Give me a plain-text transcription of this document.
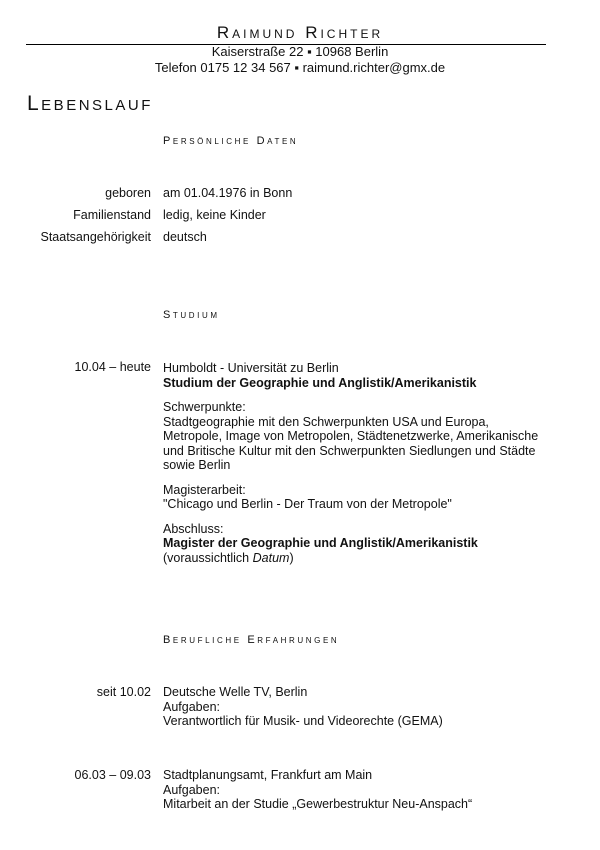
Raimund Richter
Kaiserstraße 22 ▪ 10968 Berlin
Telefon 0175 12 34 567 ▪ raimund.richter@gmx.de
Lebenslauf
Persönliche Daten
geboren am 01.04.1976 in Bonn
Familienstand ledig, keine Kinder
Staatsangehörigkeit deutsch
Studium
10.04 – heute Humboldt - Universität zu Berlin
Studium der Geographie und Anglistik/Amerikanistik
Schwerpunkte:
Stadtgeographie mit den Schwerpunkten USA und Europa, Metropole, Image von Metropolen, Städtenetzwerke, Amerikanische und Britische Kultur mit den Schwerpunkten Siedlungen und Städte sowie Berlin
Magisterarbeit:
"Chicago und Berlin - Der Traum von der Metropole"
Abschluss:
Magister der Geographie und Anglistik/Amerikanistik
(voraussichtlich Datum)
Berufliche Erfahrungen
seit 10.02 Deutsche Welle TV, Berlin
Aufgaben:
Verantwortlich für Musik- und Videorechte (GEMA)
06.03 – 09.03 Stadtplanungsamt, Frankfurt am Main
Aufgaben:
Mitarbeit an der Studie „Gewerbestruktur Neu-Anspach“
